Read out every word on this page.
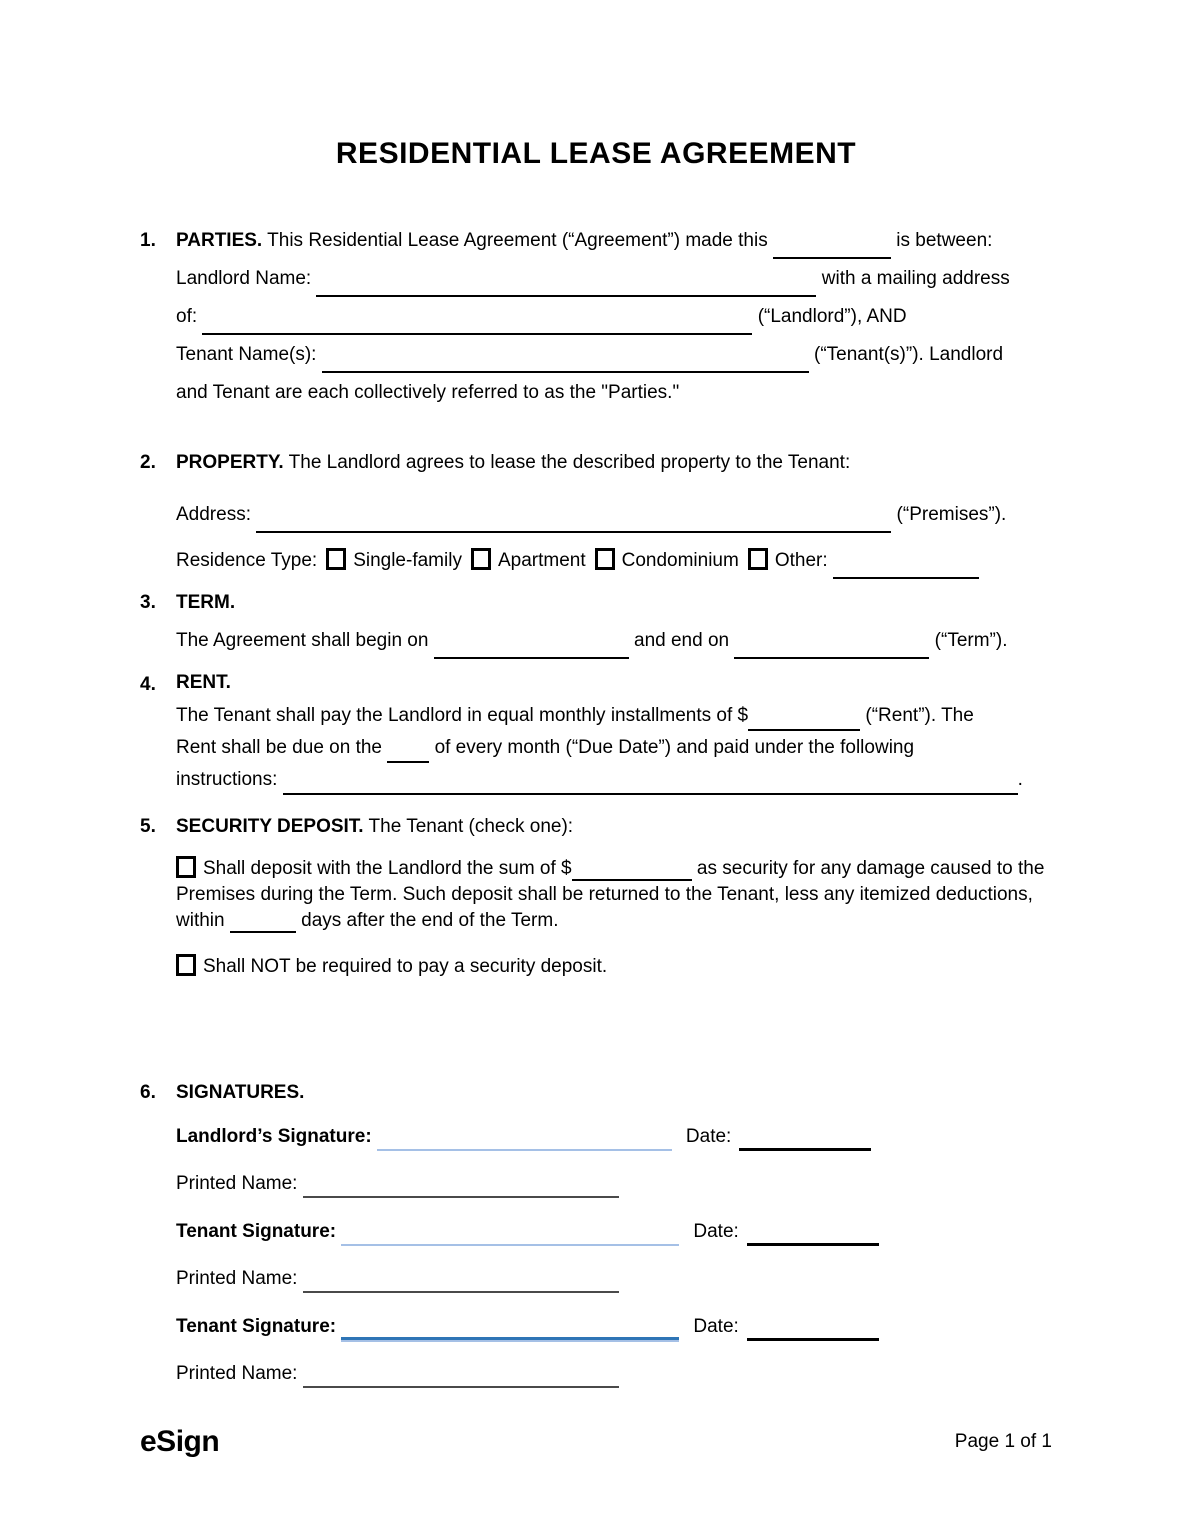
RESIDENTIAL LEASE AGREEMENT
1.	PARTIES. This Residential Lease Agreement (“Agreement”) made this	is between:
Landlord Name:	with a mailing address
of:	(“Landlord”), AND
Tenant Name(s):	(“Tenant(s)”). Landlord
and Tenant are each collectively referred to as the "Parties."
2.	PROPERTY. The Landlord agrees to lease the described property to the Tenant:
Address:	(“Premises”).
Residence Type: Single-family Apartment Condominium Other:
3.	TERM.
The Agreement shall begin on	and end on	(“Term”).
4.	RENT.
The Tenant shall pay the Landlord in equal monthly installments of $	(“Rent”). The
Rent shall be due on the	of every month (“Due Date”) and paid under the following
instructions:	.
5.	SECURITY DEPOSIT. The Tenant (check one):
Shall deposit with the Landlord the sum of $	as security for any damage caused to the Premises during the Term. Such deposit shall be returned to the Tenant, less any itemized deductions, within	days after the end of the Term.
Shall NOT be required to pay a security deposit.
6.	SIGNATURES.
Landlord’s Signature:	Date:
Printed Name:
Tenant Signature:	Date:
Printed Name:
Tenant Signature:	Date:
Printed Name:
eSign	Page 1 of 1
